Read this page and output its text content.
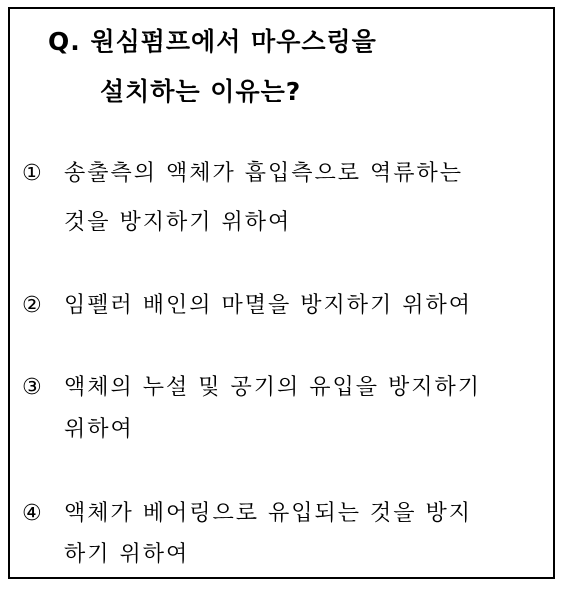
Q. 원심펌프에서 마우스링을
설치하는 이유는?
① 송출측의 액체가 흡입측으로 역류하는
것을 방지하기 위하여
② 임펠러 배인의 마멸을 방지하기 위하여
③ 액체의 누설 및 공기의 유입을 방지하기
위하여
④ 액체가 베어링으로 유입되는 것을 방지
하기 위하여
